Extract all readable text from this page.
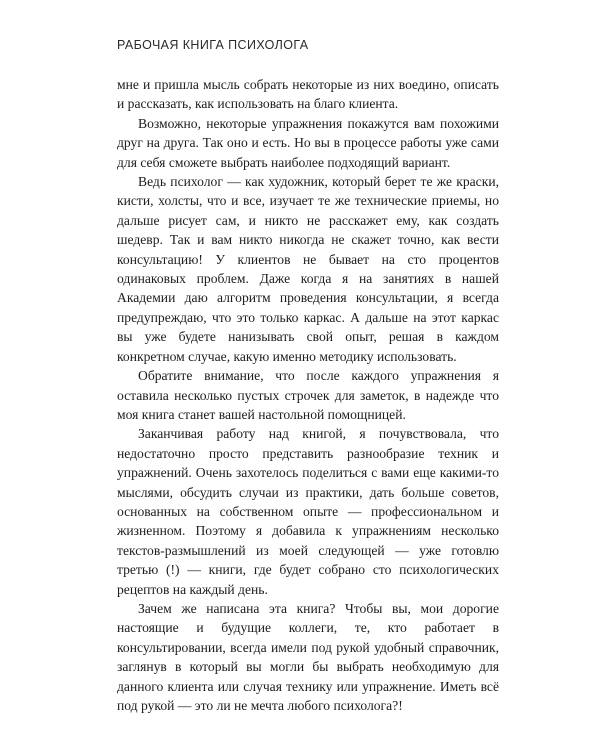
РАБОЧАЯ КНИГА ПСИХОЛОГА

мне и пришла мысль собрать некоторые из них воедино, описать и рассказать, как использовать на благо клиента.

Возможно, некоторые упражнения покажутся вам похожими друг на друга. Так оно и есть. Но вы в процессе работы уже сами для себя сможете выбрать наиболее подходящий вариант.

Ведь психолог — как художник, который берет те же краски, кисти, холсты, что и все, изучает те же технические приемы, но дальше рисует сам, и никто не расскажет ему, как создать шедевр. Так и вам никто никогда не скажет точно, как вести консультацию! У клиентов не бывает на сто процентов одинаковых проблем. Даже когда я на занятиях в нашей Академии даю алгоритм проведения консультации, я всегда предупреждаю, что это только каркас. А дальше на этот каркас вы уже будете нанизывать свой опыт, решая в каждом конкретном случае, какую именно методику использовать.

Обратите внимание, что после каждого упражнения я оставила несколько пустых строчек для заметок, в надежде что моя книга станет вашей настольной помощницей.

Заканчивая работу над книгой, я почувствовала, что недостаточно просто представить разнообразие техник и упражнений. Очень захотелось поделиться с вами еще какими-то мыслями, обсудить случаи из практики, дать больше советов, основанных на собственном опыте — профессиональном и жизненном. Поэтому я добавила к упражнениям несколько текстов-размышлений из моей следующей — уже готовлю третью (!) — книги, где будет собрано сто психологических рецептов на каждый день.

Зачем же написана эта книга? Чтобы вы, мои дорогие настоящие и будущие коллеги, те, кто работает в консультировании, всегда имели под рукой удобный справочник, заглянув в который вы могли бы выбрать необходимую для данного клиента или случая технику или упражнение. Иметь всё под рукой — это ли не мечта любого психолога?!
